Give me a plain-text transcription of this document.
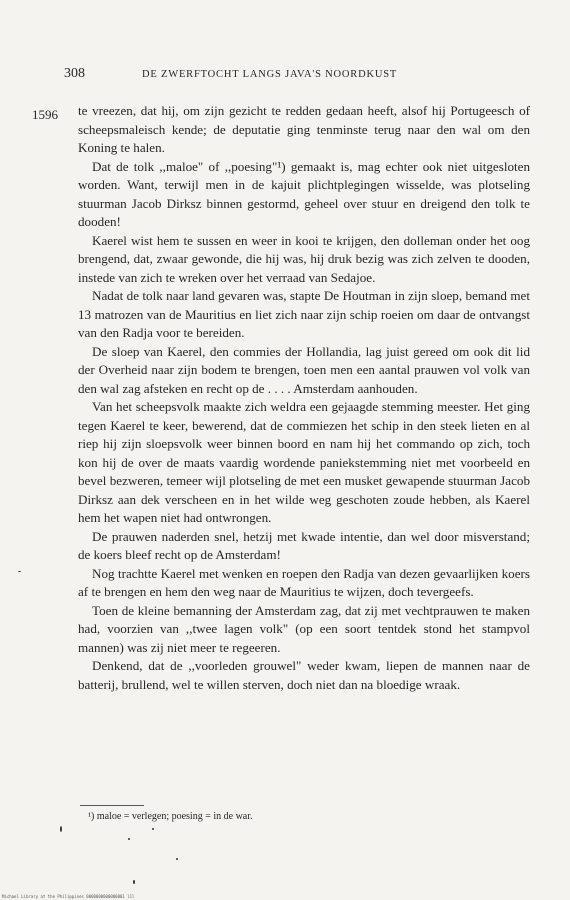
308	DE ZWERFTOCHT LANGS JAVA'S NOORDKUST
1596 te vreezen, dat hij, om zijn gezicht te redden gedaan heeft, alsof hij Portugeesch of scheepsmaleisch kende; de deputatie ging tenminste terug naar den wal om den Koning te halen.

Dat de tolk ,,maloe" of ,,poesing"¹) gemaakt is, mag echter ook niet uitgesloten worden. Want, terwijl men in de kajuit plichtplegingen wisselde, was plotseling stuurman Jacob Dirksz binnen gestormd, geheel over stuur en dreigend den tolk te dooden!

Kaerel wist hem te sussen en weer in kooi te krijgen, den dolleman onder het oog brengend, dat, zwaar gewonde, die hij was, hij druk bezig was zich zelven te dooden, instede van zich te wreken over het verraad van Sedajoe.

Nadat de tolk naar land gevaren was, stapte De Houtman in zijn sloep, bemand met 13 matrozen van de Mauritius en liet zich naar zijn schip roeien om daar de ontvangst van den Radja voor te bereiden.

De sloep van Kaerel, den commies der Hollandia, lag juist gereed om ook dit lid der Overheid naar zijn bodem te brengen, toen men een aantal prauwen vol volk van den wal zag afsteken en recht op de . . . . Amsterdam aanhouden.

Van het scheepsvolk maakte zich weldra een gejaagde stemming meester. Het ging tegen Kaerel te keer, bewerend, dat de commiezen het schip in den steek lieten en al riep hij zijn sloepsvolk weer binnen boord en nam hij het commando op zich, toch kon hij de over de maats vaardig wordende paniekstemming niet met voorbeeld en bevel bezweren, temeer wijl plotseling de met een musket gewapende stuurman Jacob Dirksz aan dek verscheen en in het wilde weg geschoten zoude hebben, als Kaerel hem het wapen niet had ontwrongen.

De prauwen naderden snel, hetzij met kwade intentie, dan wel door misverstand; de koers bleef recht op de Amsterdam!

Nog trachtte Kaerel met wenken en roepen den Radja van dezen gevaarlijken koers af te brengen en hem den weg naar de Mauritius te wijzen, doch tevergeefs.

Toen de kleine bemanning der Amsterdam zag, dat zij met vechtprauwen te maken had, voorzien van ,,twee lagen volk" (op een soort tentdek stond het stampvol mannen) was zij niet meer te regeeren.

Denkend, dat de ,,voorleden grouwel" weder kwam, liepen de mannen naar de batterij, brullend, wel te willen sterven, doch niet dan na bloedige wraak.

¹) maloe = verlegen; poesing = in de war.
Michael Library at the Philippines 0000000000000001 l1l
